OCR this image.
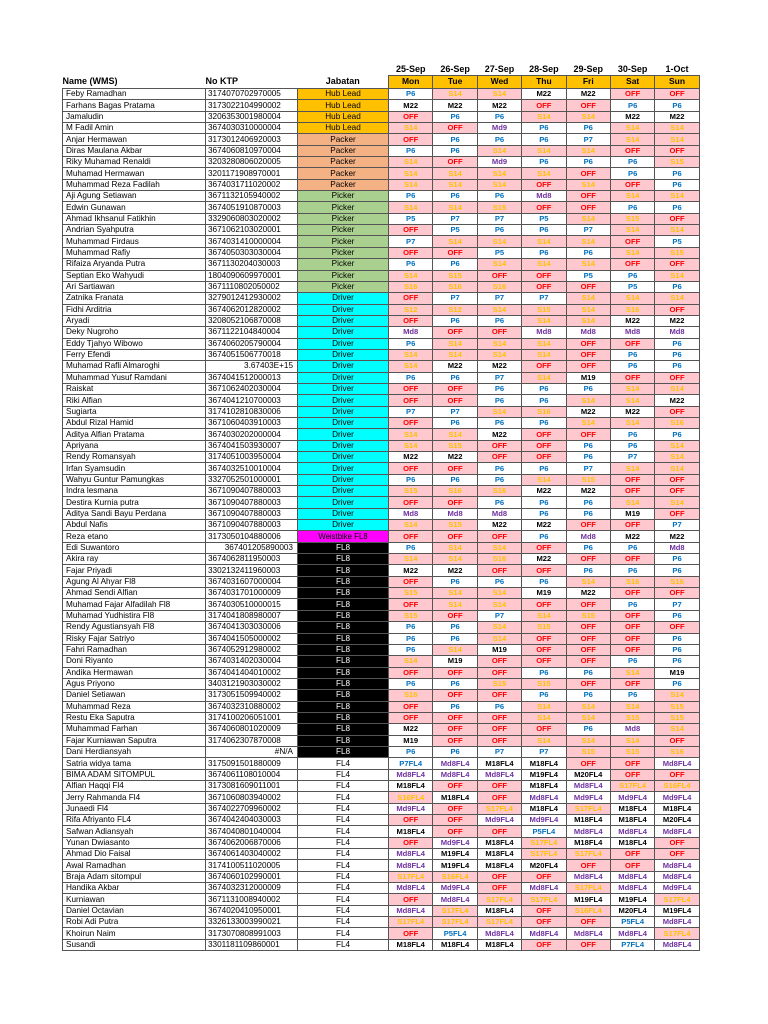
			25-Sep	26-Sep	27-Sep	28-Sep	29-Sep	30-Sep	1-Oct
Name (WMS)	No KTP	Jabatan	Mon	Tue	Wed	Thu	Fri	Sat	Sun
Feby Ramadhan	3174070702970005	Hub Lead	P6	S14	S14	M22	M22	OFF	OFF
Farhans Bagas Pratama	3173022104990002	Hub Lead	M22	M22	M22	OFF	OFF	P6	P6
Jamaludin	3206353001980004	Hub Lead	OFF	P6	P6	S14	S14	M22	M22
M Fadil Amin	3674030310000004	Hub Lead	S14	OFF	Md9	P6	P6	S14	S14
Anjar Hermawan	3173012406920003	Packer	OFF	P6	P6	P6	P7	S14	S14
Diras Maulana Akbar	3674060810970004	Packer	P6	P6	S14	S14	S14	OFF	OFF
Riky Muhamad Renaldi	3203280806020005	Packer	S14	OFF	Md9	P6	P6	P6	S15
Muhamad Hermawan	3201171908970001	Packer	S14	S14	S14	S14	OFF	P6	P6
Muhammad Reza Fadilah	3674031711020002	Packer	S14	S14	S14	OFF	S14	OFF	P6
Aji Agung Setiawan	3671132105940002	Picker	P6	P6	P6	Md8	OFF	S14	S14
Edwin Gunawan	3674051910870003	Picker	S14	S14	S15	OFF	OFF	P6	P6
Ahmad Ikhsanul Fatikhin	3329060803020002	Picker	P5	P7	P7	P5	S14	S15	OFF
Andrian Syahputra	3671062103020001	Picker	OFF	P5	P6	P6	P7	S14	S14
Muhammad Firdaus	3674031410000004	Picker	P7	S14	S14	S14	S14	OFF	P5
Muhammad Rafiy	3674050303030004	Picker	OFF	OFF	P5	P6	P6	S14	S15
Rifaiza Aryanda Putra	3671130204030003	Picker	P6	P6	S14	S14	S14	OFF	OFF
Septian Eko Wahyudi	1804090609970001	Picker	S14	S15	OFF	OFF	P5	P6	S14
Ari Sartiawan	3671110802050002	Picker	S16	S16	S16	OFF	OFF	P5	P6
Zatnika Franata	3279012412930002	Driver	OFF	P7	P7	P7	S14	S14	S14
Fidhi Arditria	3674062012820002	Driver	S12	S12	S14	S15	S14	S16	OFF
Aryadi	3208052106870008	Driver	OFF	P6	P6	S14	S14	M22	M22
Deky Nugroho	3671122104840004	Driver	Md8	OFF	OFF	Md8	Md8	Md8	Md8
Eddy Tjahyo Wibowo	3674060205790004	Driver	P6	S14	S14	S14	OFF	OFF	P6
Ferry Efendi	3674051506770018	Driver	S14	S14	S14	S14	OFF	P6	P6
Muhamad Rafli Almaroghi	3.67403E+15	Driver	S14	M22	M22	OFF	OFF	P6	P6
Muhammad Yusuf Ramdani	3674041512000013	Driver	P6	P6	P7	S14	M19	OFF	OFF
Raiskat	3671062402030004	Driver	OFF	OFF	P6	P6	P6	S14	S14
Riki Alfian	3674041210700003	Driver	OFF	OFF	P6	P6	S14	S14	M22
Sugiarta	3174102810830006	Driver	P7	P7	S14	S16	M22	M22	OFF
Abdul Rizal Hamid	3671060403910003	Driver	OFF	P6	P6	P6	S14	S14	S16
Aditya Alfian Pratama	3674030202000004	Driver	S14	S14	M22	OFF	OFF	P6	P6
Apriyana	3674041503930007	Driver	S14	S15	OFF	OFF	P6	P6	S14
Rendy Romansyah	3174051003950004	Driver	M22	M22	OFF	OFF	P6	P7	S14
Irfan Syamsudin	3674032510010004	Driver	OFF	OFF	P6	P6	P7	S14	S14
Wahyu Guntur Pamungkas	3327052501000001	Driver	P6	P6	P6	S14	S15	OFF	OFF
Indra lesmana	3671090407880003	Driver	S15	S16	S16	M22	M22	OFF	OFF
Destira Kurnia putra	3671090407880003	Driver	OFF	OFF	P6	P6	P6	S14	S14
Aditya Sandi Bayu Perdana	3671090407880003	Driver	Md8	Md8	Md8	P6	P6	M19	OFF
Abdul Nafis	3671090407880003	Driver	S14	S15	M22	M22	OFF	OFF	P7
Reza etano	3173050104880006	Weistbike FL8	OFF	OFF	OFF	P6	Md8	M22	M22
Edi Suwantoro	367401205890003	FL8	P6	S14	S14	OFF	P6	P6	Md8
Akira ray	3674062811950003	FL8	S14	S14	S16	M22	OFF	OFF	P6
Fajar Priyadi	3302132411960003	FL8	M22	M22	OFF	OFF	P6	P6	P6
Agung Al Ahyar Fl8	3674031607000004	FL8	OFF	P6	P6	P6	S14	S16	S16
Ahmad Sendi Alfian	3674031701000009	FL8	S15	S14	S14	M19	M22	OFF	OFF
Muhamad Fajar Alfadilah Fl8	3674030510000015	FL8	OFF	S14	S14	OFF	OFF	P6	P7
Muhamad Yudhistira Fl8	3174041808980007	FL8	S15	OFF	P7	S14	S15	OFF	P6
Rendy Agustiansyah Fl8	3674041303030006	FL8	P6	P6	S14	S15	OFF	OFF	OFF
Risky Fajar Satriyo	3674041505000002	FL8	P6	P6	S14	OFF	OFF	OFF	P6
Fahri Ramadhan	3674052912980002	FL8	P6	S14	M19	OFF	OFF	OFF	P6
Doni Riyanto	3674031402030004	FL8	S14	M19	OFF	OFF	OFF	P6	P6
Andika Hermawan	3674041404010002	FL8	OFF	OFF	OFF	P6	P6	S14	M19
Agus Priyono	3403121903030002	FL8	P6	P6	S15	S15	OFF	OFF	P6
Daniel Setiawan	3173051509940002	FL8	S16	OFF	OFF	P6	P6	P6	S14
Muhammad Reza	3674032310880002	FL8	OFF	P6	P6	S14	S14	S14	S15
Restu Eka Saputra	3174100206051001	FL8	OFF	OFF	OFF	S14	S14	S15	S15
Muhammad Farhan	3674060801020009	FL8	M22	OFF	OFF	OFF	P6	Md8	S14
Fajar Kurniawan Saputra	3174062307870008	FL8	M19	OFF	OFF	S14	S14	S14	OFF
Dani Herdiansyah	#N/A	FL8	P6	P6	P7	P7	S15	S15	S16
Satria widya tama	3175091501880009	FL4	P7FL4	Md8FL4	M18FL4	M18FL4	OFF	OFF	Md8FL4
BIMA ADAM SITOMPUL	3674061108010004	FL4	Md8FL4	Md8FL4	Md8FL4	M19FL4	M20FL4	OFF	OFF
Alfian Haqqi Fl4	3173081609011001	FL4	M18FL4	OFF	OFF	M18FL4	Md8FL4	S17FL4	S16FL4
Jerry Rahmanda Fl4	3671060803940002	FL4	S16FL4	M18FL4	OFF	Md8FL4	Md9FL4	Md9FL4	Md9FL4
Junaedi Fl4	3674022709960002	FL4	Md9FL4	OFF	S17FL4	M18FL4	S17FL4	M18FL4	M18FL4
Rifa Afriyanto FL4	3674042404030003	FL4	OFF	OFF	Md9FL4	Md9FL4	M18FL4	M18FL4	M20FL4
Safwan Adiansyah	3674040801040004	FL4	M18FL4	OFF	OFF	P5FL4	Md8FL4	Md8FL4	Md8FL4
Yunan Dwiasanto	3674062006870006	FL4	OFF	Md9FL4	M18FL4	S17FL4	M18FL4	M18FL4	OFF
Ahmad Dio Faisal	3674061403040002	FL4	Md8FL4	M19FL4	M18FL4	S17FL4	S17FL4	OFF	OFF
Awal Ramadhan	3174100511020005	FL4	Md8FL4	M19FL4	M18FL4	M20FL4	OFF	OFF	Md8FL4
Braja Adam sitompul	3674060102990001	FL4	S17FL4	S16FL4	OFF	OFF	Md8FL4	Md8FL4	Md8FL4
Handika Akbar	3674032312000009	FL4	Md8FL4	Md9FL4	OFF	Md8FL4	S17FL4	Md8FL4	Md9FL4
Kurniawan	3671131008940002	FL4	OFF	Md8FL4	S17FL4	S17FL4	M19FL4	M19FL4	S17FL4
Daniel Octavian	3674020410950001	FL4	Md8FL4	S17FL4	M18FL4	OFF	S16FL4	M20FL4	M19FL4
Robi Adi Putra	3326133003990021	FL4	S17FL4	S17FL4	S17FL4	OFF	OFF	P5FL4	Md8FL4
Khoirun Naim	3173070808991003	FL4	OFF	P5FL4	Md8FL4	Md8FL4	Md8FL4	Md8FL4	S17FL4
Susandi	3301181109860001	FL4	M18FL4	M18FL4	M18FL4	OFF	OFF	P7FL4	Md8FL4
